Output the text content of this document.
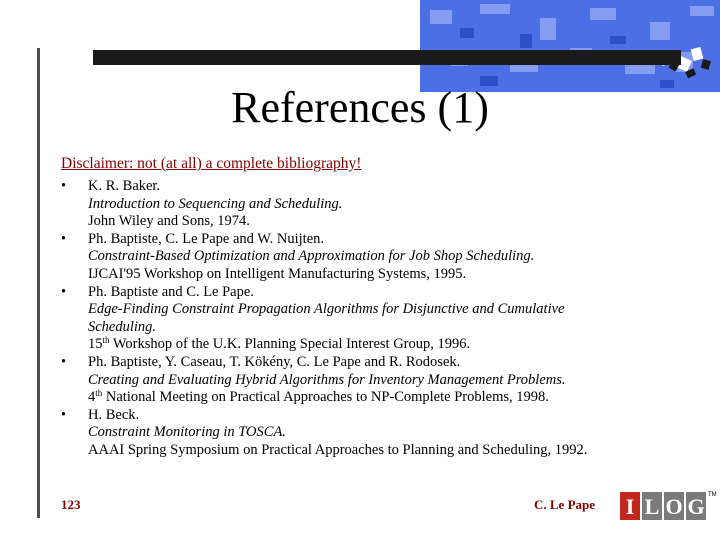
References (1)
Disclaimer: not (at all) a complete bibliography!
• K. R. Baker.
Introduction to Sequencing and Scheduling.
John Wiley and Sons, 1974.
• Ph. Baptiste, C. Le Pape and W. Nuijten.
Constraint-Based Optimization and Approximation for Job Shop Scheduling.
IJCAI'95 Workshop on Intelligent Manufacturing Systems, 1995.
• Ph. Baptiste and C. Le Pape.
Edge-Finding Constraint Propagation Algorithms for Disjunctive and Cumulative
Scheduling.
15th Workshop of the U.K. Planning Special Interest Group, 1996.
• Ph. Baptiste, Y. Caseau, T. Kökény, C. Le Pape and R. Rodosek.
Creating and Evaluating Hybrid Algorithms for Inventory Management Problems.
4th National Meeting on Practical Approaches to NP-Complete Problems, 1998.
• H. Beck.
Constraint Monitoring in TOSCA.
AAAI Spring Symposium on Practical Approaches to Planning and Scheduling, 1992.
123	C. Le Pape I L O G TM
